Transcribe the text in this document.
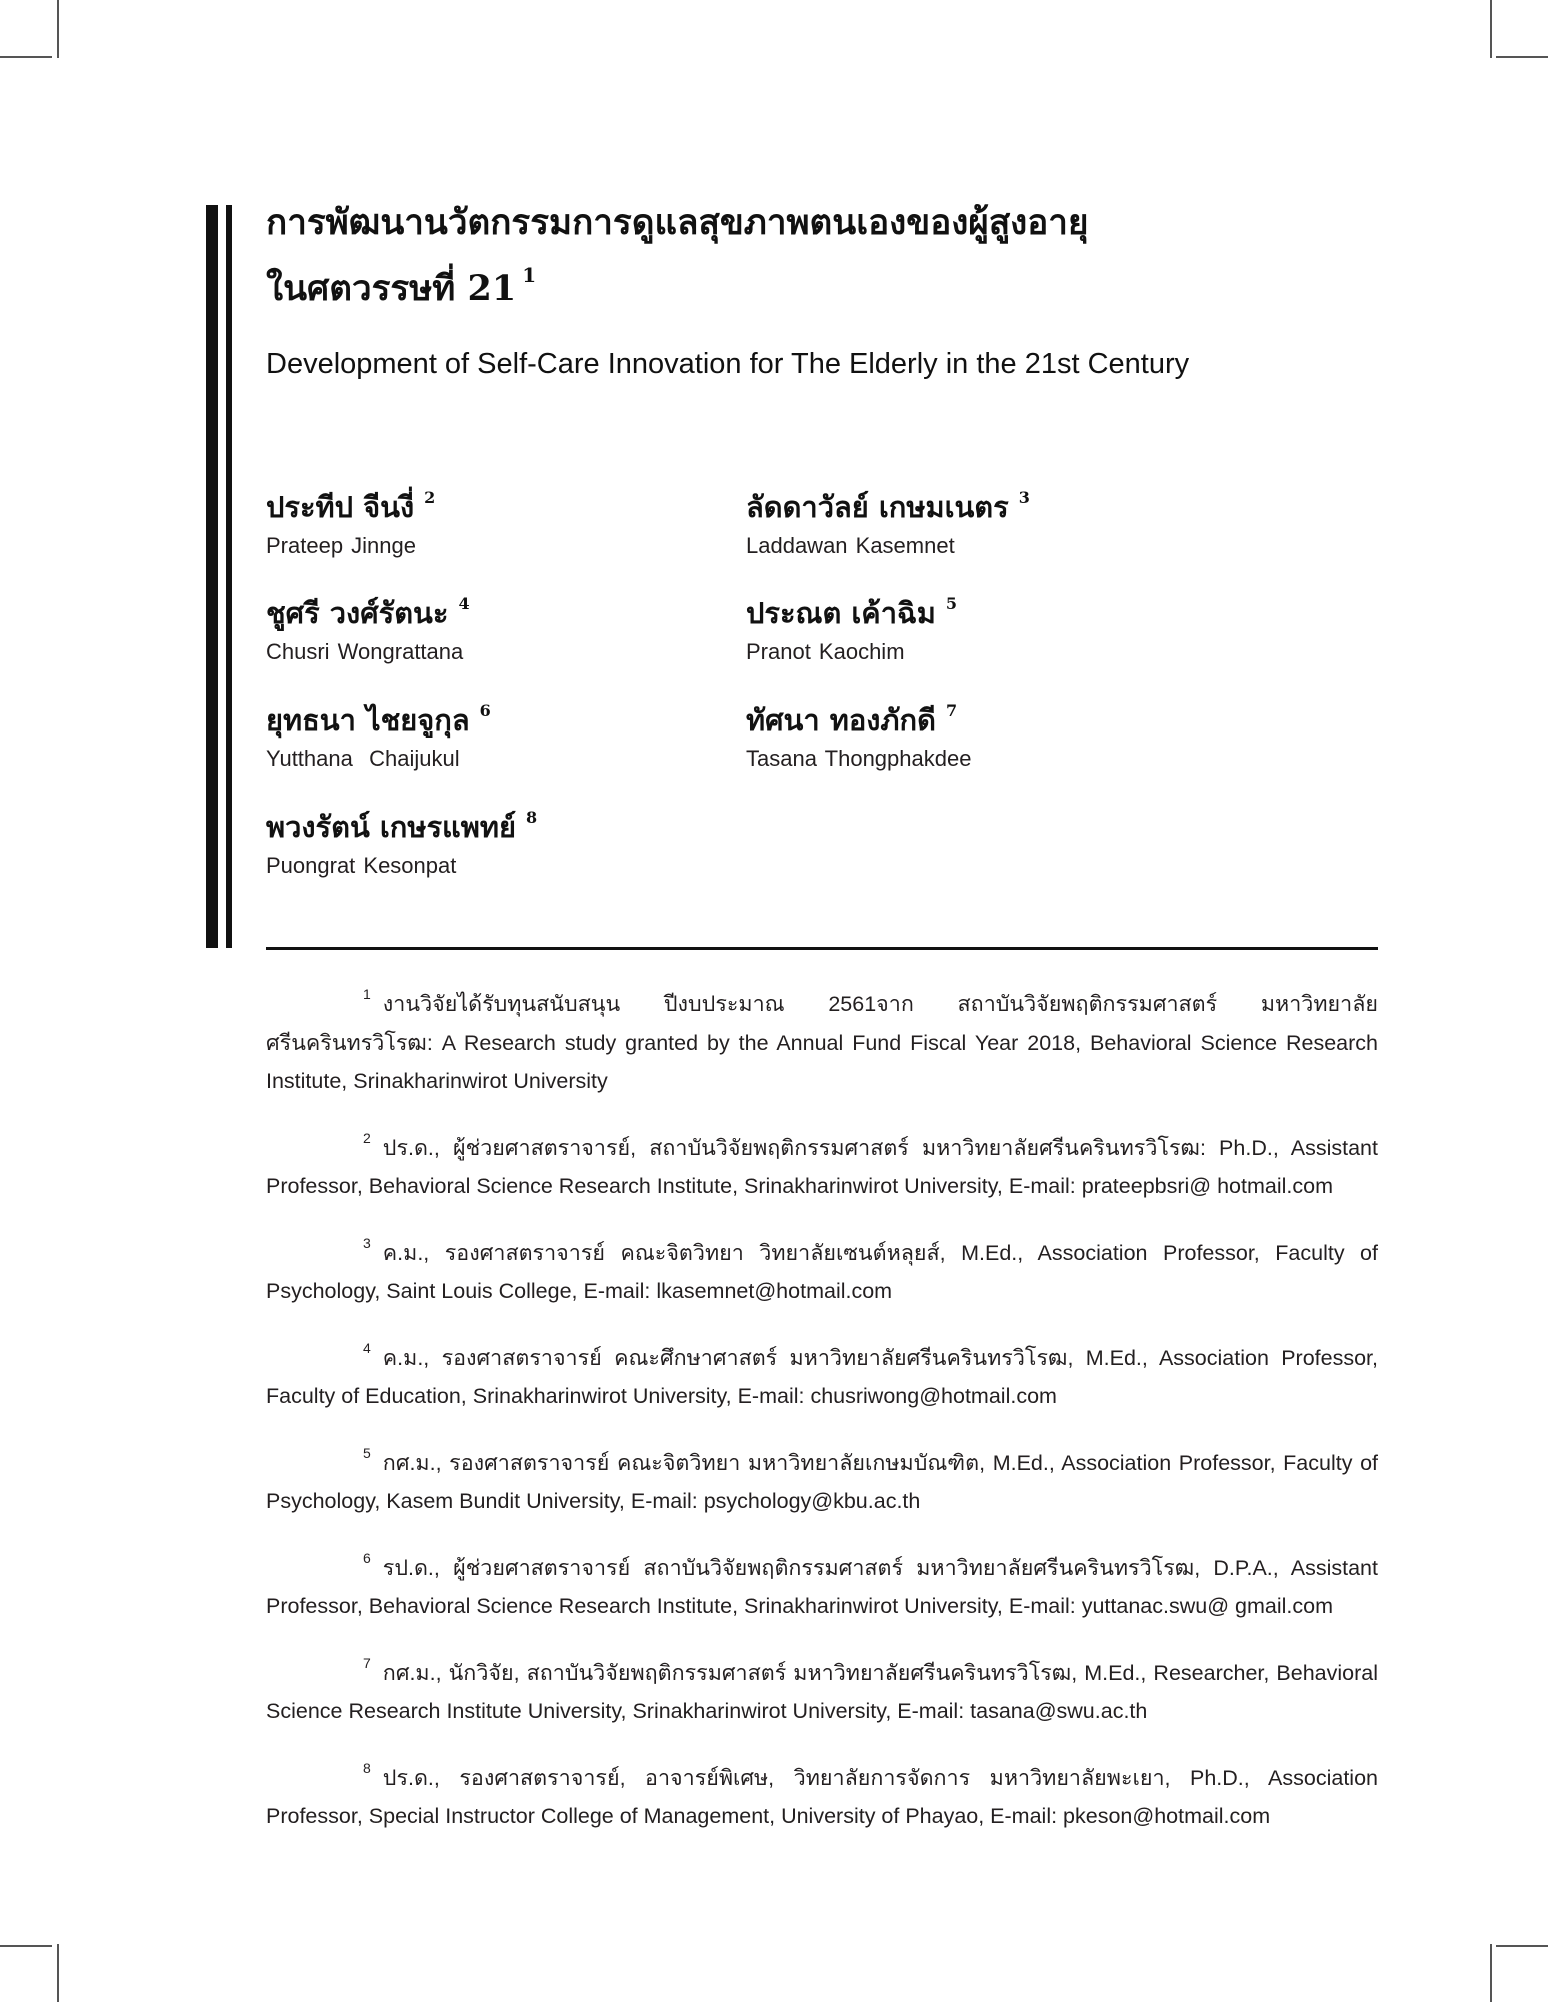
การพัฒนานวัตกรรมการดูแลสุขภาพตนเองของผู้สูงอายุ
ในศตวรรษที่ 21 $^1$

Development of Self-Care Innovation for The Elderly in the 21st Century

ประทีป จีนงี่ $^2$
Prateep Jinnge
ลัดดาวัลย์ เกษมเนตร $^3$
Laddawan Kasemnet
ชูศรี วงศ์รัตนะ $^4$
Chusri Wongrattana
ประณต เค้าฉิม $^5$
Pranot Kaochim
ยุทธนา ไชยจูกุล $^6$
Yutthana  Chaijukul
ทัศนา ทองภักดี $^7$
Tasana Thongphakdee
พวงรัตน์ เกษรแพทย์ $^8$
Puongrat Kesonpat

$^1$ งานวิจัยได้รับทุนสนับสนุน ปีงบประมาณ 2561จาก สถาบันวิจัยพฤติกรรมศาสตร์ มหาวิทยาลัยศรีนครินทรวิโรฒ: A Research study granted by the Annual Fund Fiscal Year 2018, Behavioral Science Research Institute, Srinakharinwirot University

$^2$ ปร.ด., ผู้ช่วยศาสตราจารย์, สถาบันวิจัยพฤติกรรมศาสตร์ มหาวิทยาลัยศรีนครินทรวิโรฒ: Ph.D., Assistant Professor, Behavioral Science Research Institute, Srinakharinwirot University, E-mail: prateepbsri@ hotmail.com

$^3$ ค.ม., รองศาสตราจารย์ คณะจิตวิทยา วิทยาลัยเซนต์หลุยส์, M.Ed., Association Professor, Faculty of Psychology, Saint Louis College, E-mail: lkasemnet@hotmail.com

$^4$ ค.ม., รองศาสตราจารย์ คณะศึกษาศาสตร์ มหาวิทยาลัยศรีนครินทรวิโรฒ, M.Ed., Association Professor, Faculty of Education, Srinakharinwirot University, E-mail: chusriwong@hotmail.com

$^5$ กศ.ม., รองศาสตราจารย์ คณะจิตวิทยา มหาวิทยาลัยเกษมบัณฑิต, M.Ed., Association Professor, Faculty of Psychology, Kasem Bundit University, E-mail: psychology@kbu.ac.th

$^6$ รป.ด., ผู้ช่วยศาสตราจารย์ สถาบันวิจัยพฤติกรรมศาสตร์ มหาวิทยาลัยศรีนครินทรวิโรฒ, D.P.A., Assistant Professor, Behavioral Science Research Institute, Srinakharinwirot University, E-mail: yuttanac.swu@ gmail.com

$^7$ กศ.ม., นักวิจัย, สถาบันวิจัยพฤติกรรมศาสตร์ มหาวิทยาลัยศรีนครินทรวิโรฒ, M.Ed., Researcher, Behavioral Science Research Institute University, Srinakharinwirot University, E-mail: tasana@swu.ac.th

$^8$ ปร.ด., รองศาสตราจารย์, อาจารย์พิเศษ, วิทยาลัยการจัดการ มหาวิทยาลัยพะเยา, Ph.D., Association Professor, Special Instructor College of Management, University of Phayao, E-mail: pkeson@hotmail.com
